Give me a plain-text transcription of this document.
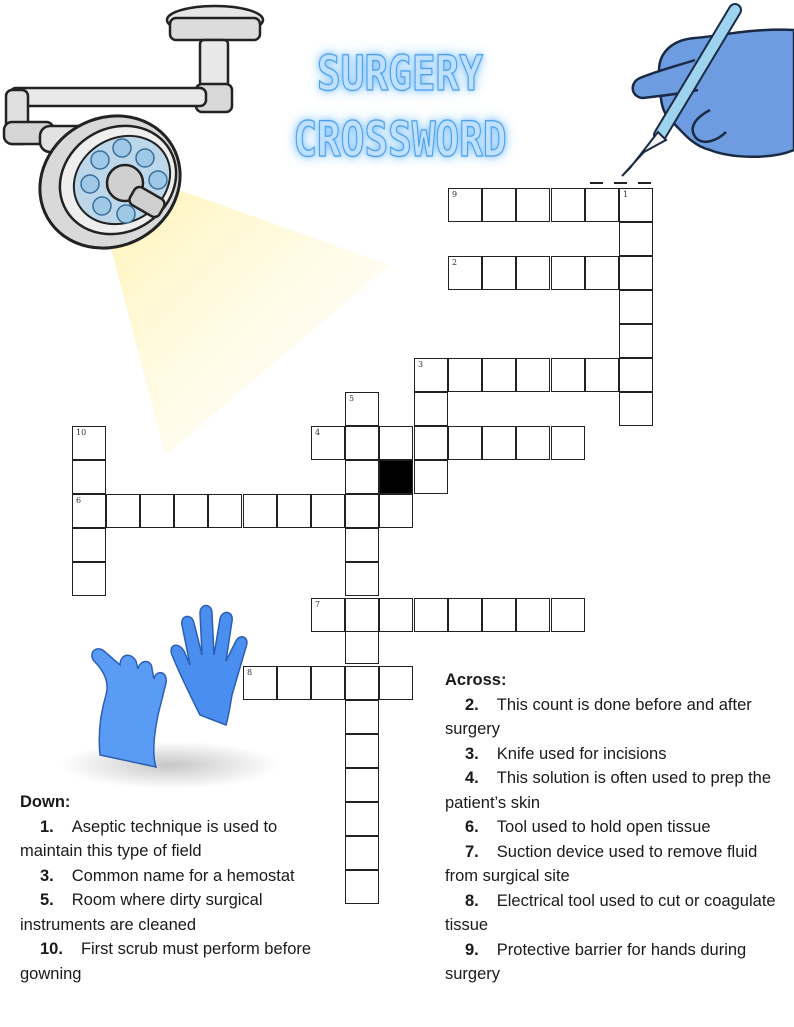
SURGERY
CROSSWORD
9	1
2
3
5
4
10
6
7
8
Down:
1. Aseptic technique is used to maintain this type of field
3. Common name for a hemostat
5. Room where dirty surgical instruments are cleaned
10. First scrub must perform before gowning
Across:
2. This count is done before and after surgery
3. Knife used for incisions
4. This solution is often used to prep the patient’s skin
6. Tool used to hold open tissue
7. Suction device used to remove fluid from surgical site
8. Electrical tool used to cut or coagulate tissue
9. Protective barrier for hands during surgery
